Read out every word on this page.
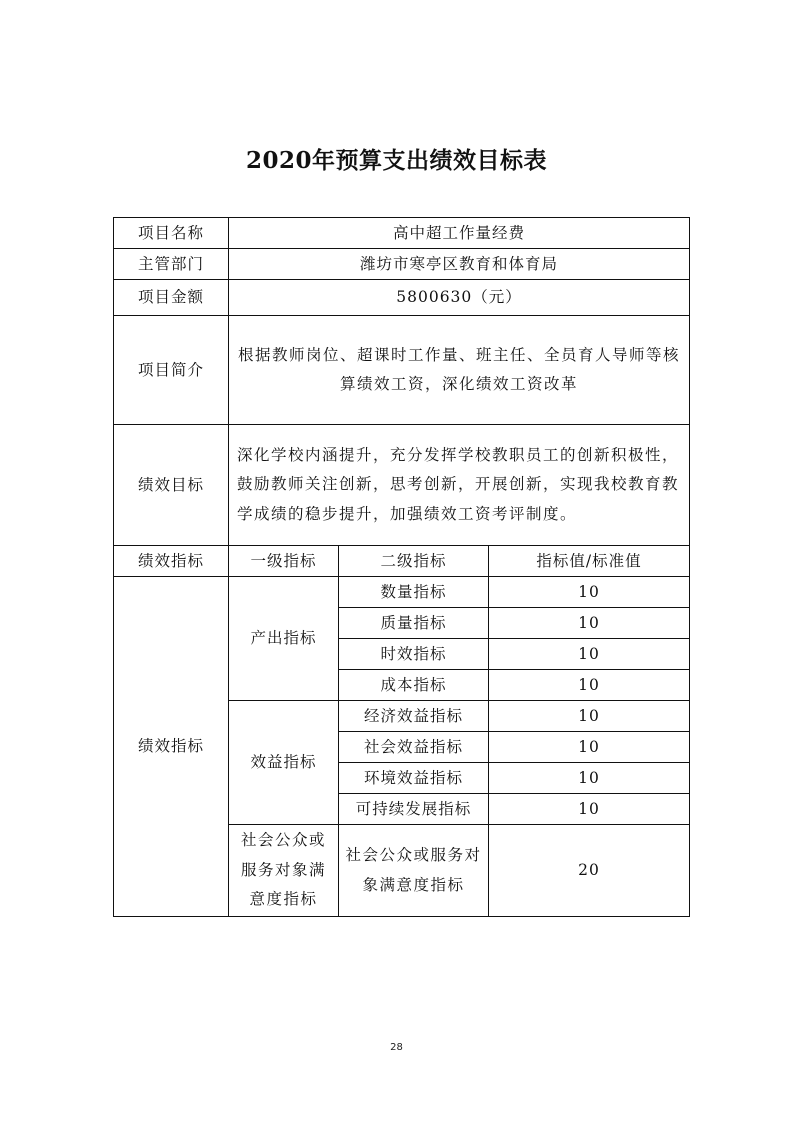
2020年预算支出绩效目标表
项目名称	高中超工作量经费		
主管部门	潍坊市寒亭区教育和体育局		
项目金额	5800630（元）		
项目简介	根据教师岗位、超课时工作量、班主任、全员育人导师等核算绩效工资，深化绩效工资改革		
绩效目标	深化学校内涵提升，充分发挥学校教职员工的创新积极性，鼓励教师关注创新，思考创新，开展创新，实现我校教育教学成绩的稳步提升，加强绩效工资考评制度。		
绩效指标	一级指标	二级指标	指标值/标准值
绩效指标	产出指标	数量指标	10
		质量指标	10
		时效指标	10
		成本指标	10
	效益指标	经济效益指标	10
		社会效益指标	10
		环境效益指标	10
		可持续发展指标	10
	社会公众或服务对象满意度指标	社会公众或服务对象满意度指标	20
28
